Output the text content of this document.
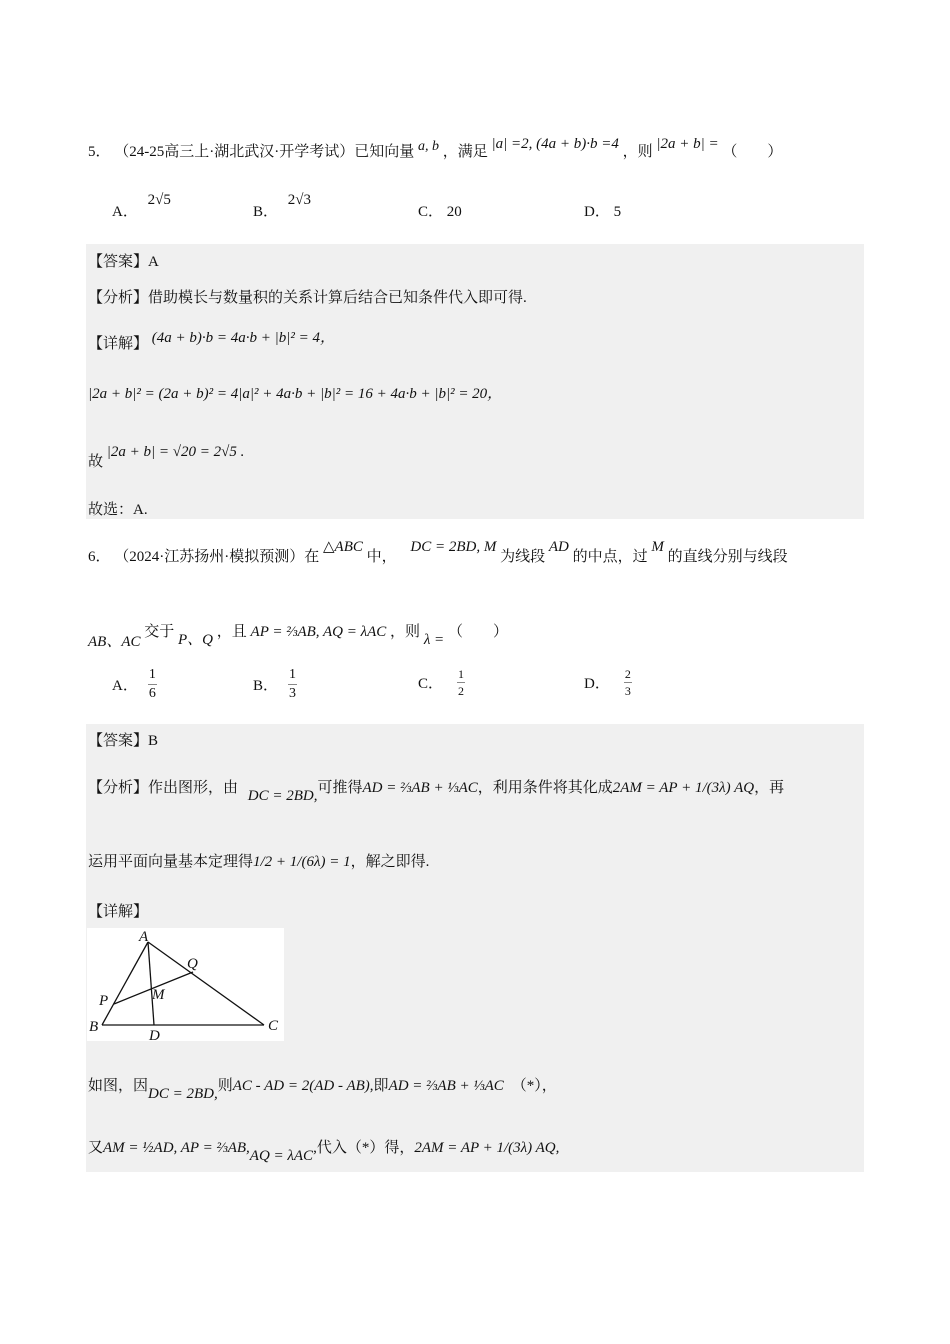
5． （24-25高三上·湖北武汉·开学考试）已知向量 a, b ，满足 |a| =2, (4a + b)·b =4 ，则 |2a + b| = （　　）
A． 2√5
B． 2√3
C． 20	D． 5
【答案】A
【分析】借助模长与数量积的关系计算后结合已知条件代入即可得.
【详解】 (4a + b)·b = 4a·b + |b|² = 4，
|2a + b|² = (2a + b)² = 4|a|² + 4a·b + |b|² = 16 + 4a·b + |b|² = 20，
故 |2a + b| = √20 = 2√5 .
故选：A.
6． （2024·江苏扬州·模拟预测）在 △ABC 中， DC = 2BD, M 为线段 AD 的中点，过 M 的直线分别与线段
AB、AC 交于 P、Q ，且 AP = ⅔AB, AQ = λAC ，则 λ = （　　）
A． $\frac{1}{6}$	B． $\frac{1}{3}$	C． $\frac{1}{2}$	D． $\frac{2}{3}$
【答案】B
【分析】作出图形，由 DC = 2BD,可推得AD = ⅔AB + ⅓AC，利用条件将其化成2AM = AP + 1/(3λ) AQ，再
运用平面向量基本定理得1/2 + 1/(6λ) = 1，解之即得.
【详解】
A
Q
M
P
B
D
C
如图，因DC = 2BD,则AC - AD = 2(AD - AB),即AD = ⅔AB + ⅓AC （*），
又AM = ½AD, AP = ⅔AB,AQ = λAC,代入（*）得，2AM = AP + 1/(3λ) AQ,
